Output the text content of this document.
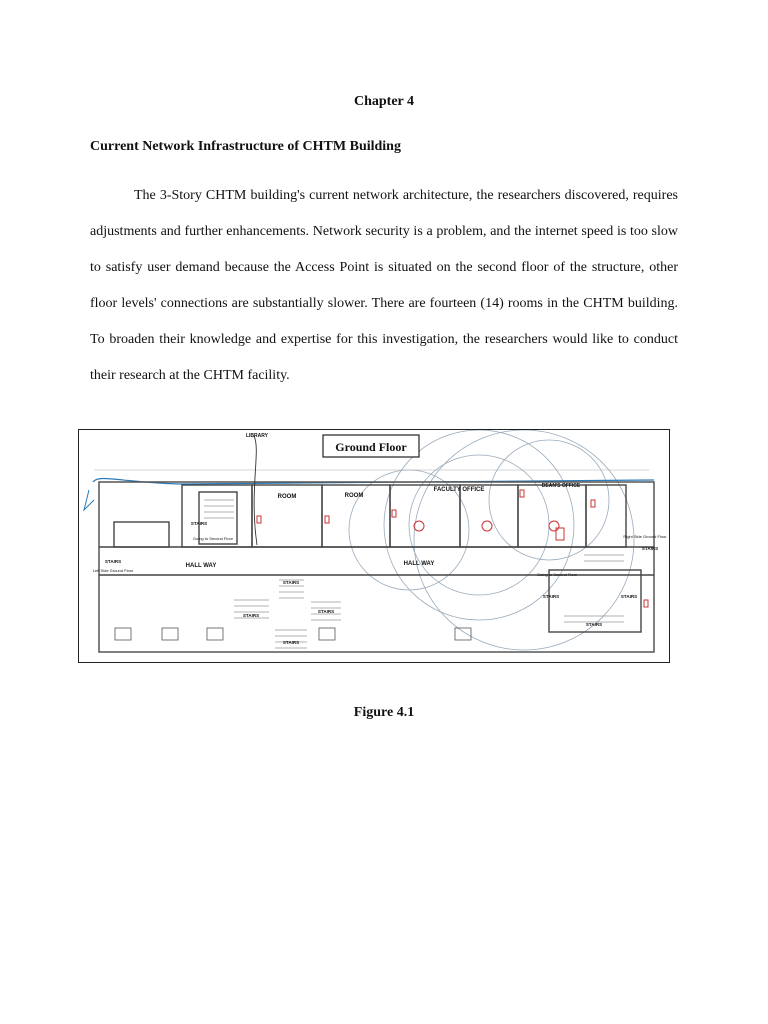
Chapter 4
Current Network Infrastructure of CHTM Building

The 3-Story CHTM building's current network architecture, the researchers discovered, requires adjustments and further enhancements. Network security is a problem, and the internet speed is too slow to satisfy user demand because the Access Point is situated on the second floor of the structure, other floor levels' connections are substantially slower. There are fourteen (14) rooms in the CHTM building. To broaden their knowledge and expertise for this investigation, the researchers would like to conduct their research at the CHTM facility.

Ground Floor
LIBRARY
ROOM	ROOM
FACULTY OFFICE
DEAN'S OFFICE
STAIRS
Going to Second Floor
STAIRS
Left Side Ground Floor
HALL WAY	HALL WAY
Right Side Ground Floor
STAIRS
Going to Second Floor
STAIRS	STAIRS
STAIRS
STAIRS
STAIRS
STAIRS
STAIRS
Figure 4.1
